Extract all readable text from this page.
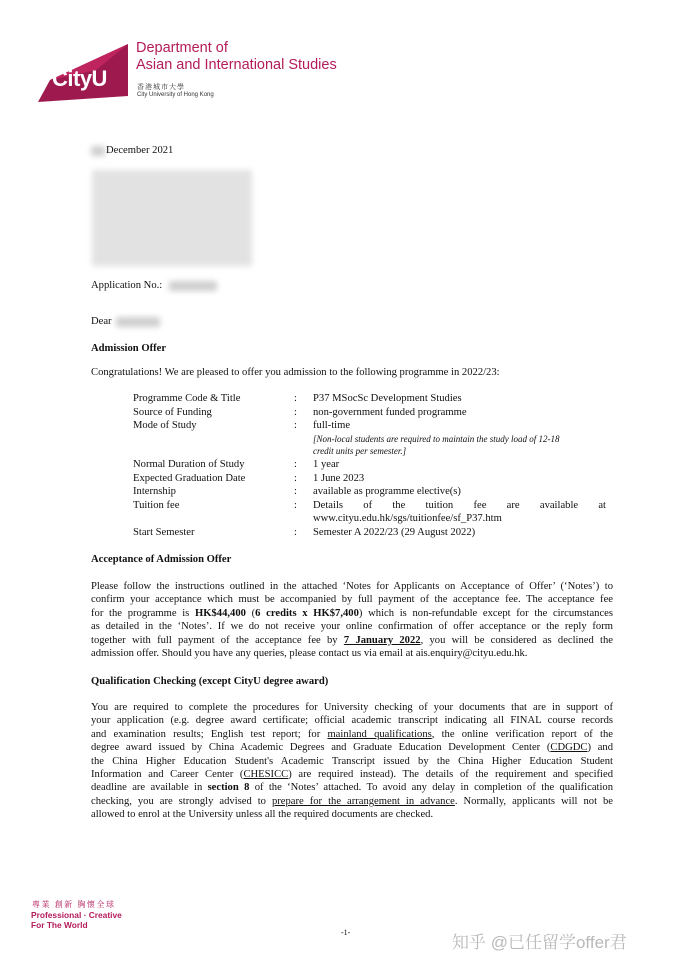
CityU
Department of
Asian and International Studies
香港城市大學
City University of Hong Kong
December 2021
Application No.:
Dear
Admission Offer
Congratulations! We are pleased to offer you admission to the following programme in 2022/23:
Programme Code & Title	: P37 MSocSc Development Studies
Source of Funding	: non-government funded programme
Mode of Study	: full-time
[Non-local students are required to maintain the study load of 12-18
credit units per semester.]
Normal Duration of Study	: 1 year
Expected Graduation Date	: 1 June 2023
Internship	: available as programme elective(s)
Tuition fee	: Details of the tuition fee are available at
www.cityu.edu.hk/sgs/tuitionfee/sf_P37.htm
Start Semester	: Semester A 2022/23 (29 August 2022)
Acceptance of Admission Offer
Please follow the instructions outlined in the attached ‘Notes for Applicants on Acceptance of Offer’ (‘Notes’) to
confirm your acceptance which must be accompanied by full payment of the acceptance fee. The acceptance fee
for the programme is HK$44,400 (6 credits x HK$7,400) which is non-refundable except for the circumstances
as detailed in the ‘Notes’. If we do not receive your online confirmation of offer acceptance or the reply form
together with full payment of the acceptance fee by 7 January 2022, you will be considered as declined the
admission offer. Should you have any queries, please contact us via email at ais.enquiry@cityu.edu.hk.
Qualification Checking (except CityU degree award)
You are required to complete the procedures for University checking of your documents that are in support of
your application (e.g. degree award certificate; official academic transcript indicating all FINAL course records
and examination results; English test report; for mainland qualifications, the online verification report of the
degree award issued by China Academic Degrees and Graduate Education Development Center (CDGDC) and
the China Higher Education Student's Academic Transcript issued by the China Higher Education Student
Information and Career Center (CHESICC) are required instead). The details of the requirement and specified
deadline are available in section 8 of the ‘Notes’ attached. To avoid any delay in completion of the qualification
checking, you are strongly advised to prepare for the arrangement in advance. Normally, applicants will not be
allowed to enrol at the University unless all the required documents are checked.
專業 創新 胸懷全球
Professional · Creative
For The World
-1-
知乎 @已任留学offer君
